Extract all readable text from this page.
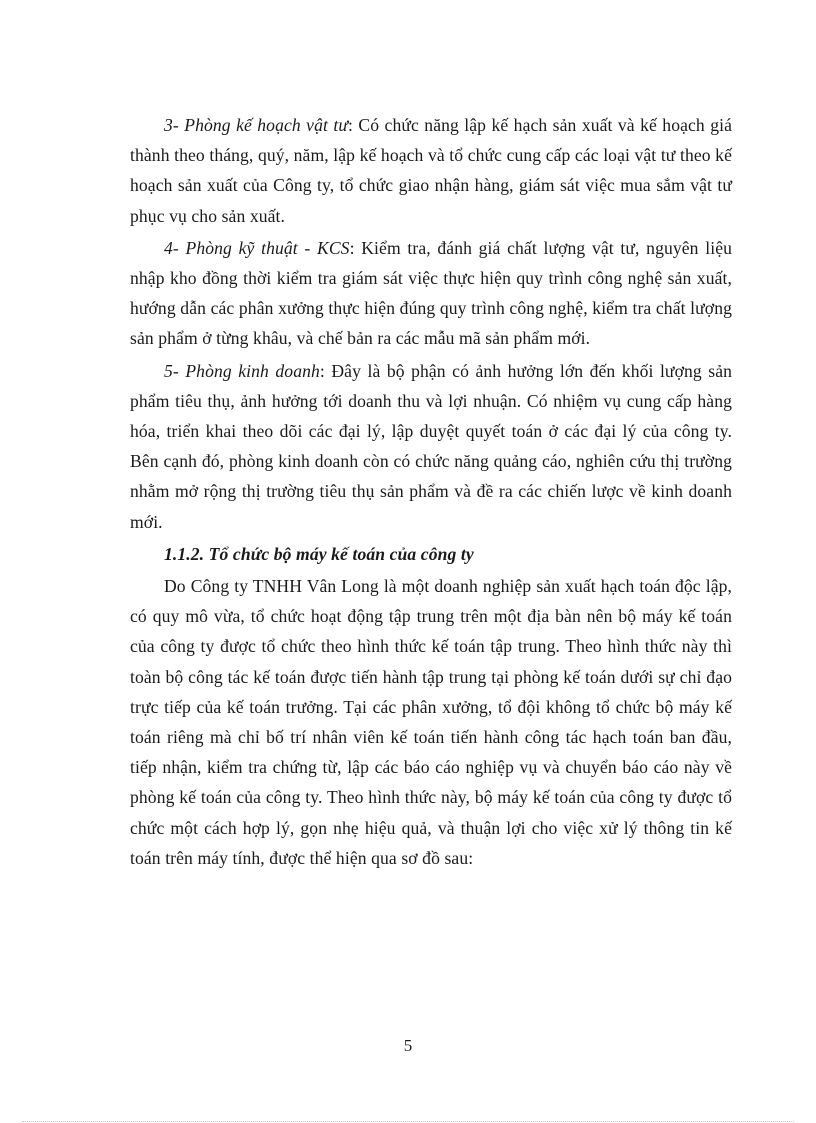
3- Phòng kế hoạch vật tư: Có chức năng lập kế hạch sản xuất và kế hoạch giá thành theo tháng, quý, năm, lập kế hoạch và tổ chức cung cấp các loại vật tư theo kế hoạch sản xuất của Công ty, tổ chức giao nhận hàng, giám sát việc mua sắm vật tư phục vụ cho sản xuất.

4- Phòng kỹ thuật - KCS: Kiểm tra, đánh giá chất lượng vật tư, nguyên liệu nhập kho đồng thời kiểm tra giám sát việc thực hiện quy trình công nghệ sản xuất, hướng dẫn các phân xưởng thực hiện đúng quy trình công nghệ, kiểm tra chất lượng sản phẩm ở từng khâu, và chế bản ra các mẫu mã sản phẩm mới.

5- Phòng kinh doanh: Đây là bộ phận có ảnh hưởng lớn đến khối lượng sản phẩm tiêu thụ, ảnh hưởng tới doanh thu và lợi nhuận. Có nhiệm vụ cung cấp hàng hóa, triển khai theo dõi các đại lý, lập duyệt quyết toán ở các đại lý của công ty. Bên cạnh đó, phòng kinh doanh còn có chức năng quảng cáo, nghiên cứu thị trường nhằm mở rộng thị trường tiêu thụ sản phẩm và đề ra các chiến lược về kinh doanh mới.

1.1.2. Tổ chức bộ máy kế toán của công ty

Do Công ty TNHH Vân Long là một doanh nghiệp sản xuất hạch toán độc lập, có quy mô vừa, tổ chức hoạt động tập trung trên một địa bàn nên bộ máy kế toán của công ty được tổ chức theo hình thức kế toán tập trung. Theo hình thức này thì toàn bộ công tác kế toán được tiến hành tập trung tại phòng kế toán dưới sự chỉ đạo trực tiếp của kế toán trưởng. Tại các phân xưởng, tổ đội không tổ chức bộ máy kế toán riêng mà chỉ bố trí nhân viên kế toán tiến hành công tác hạch toán ban đầu, tiếp nhận, kiểm tra chứng từ, lập các báo cáo nghiệp vụ và chuyển báo cáo này về phòng kế toán của công ty. Theo hình thức này, bộ máy kế toán của công ty được tổ chức một cách hợp lý, gọn nhẹ hiệu quả, và thuận lợi cho việc xử lý thông tin kế toán trên máy tính, được thể hiện qua sơ đồ sau:

5
